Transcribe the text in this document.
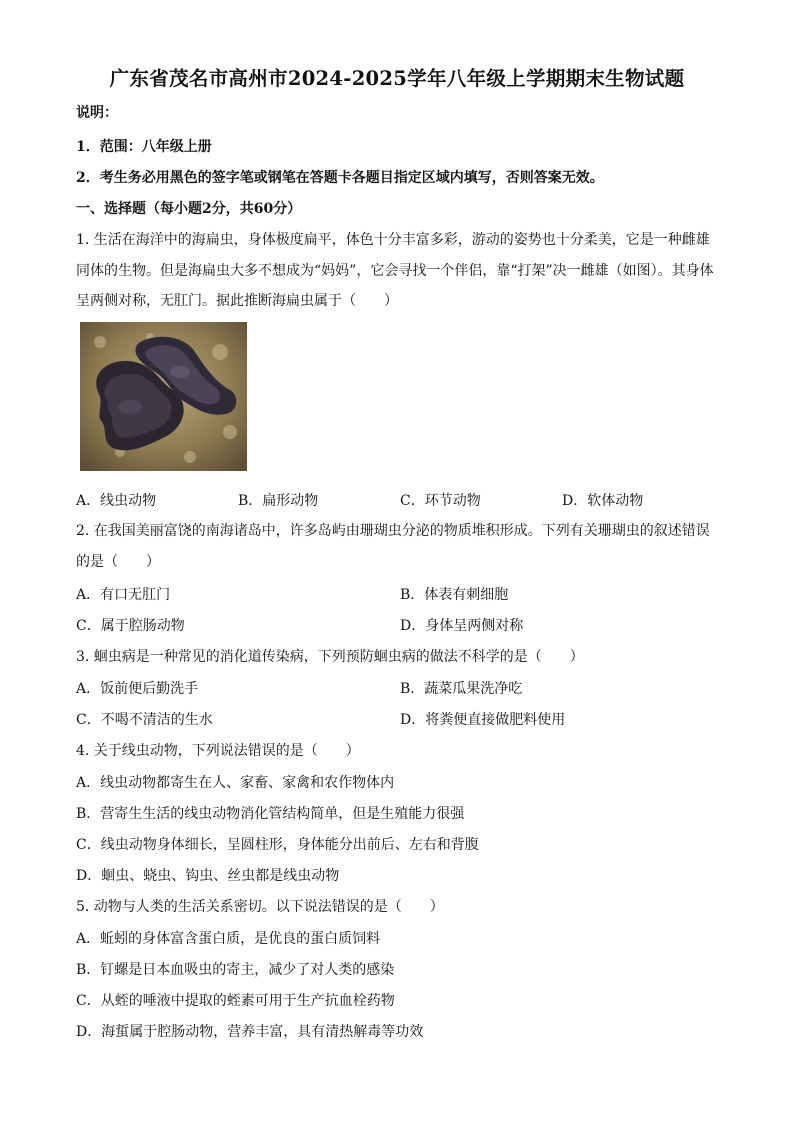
广东省茂名市高州市2024-2025学年八年级上学期期末生物试题
说明：
1．范围：八年级上册
2．考生务必用黑色的签字笔或钢笔在答题卡各题目指定区域内填写，否则答案无效。
一、选择题（每小题2分，共60分）
1. 生活在海洋中的海扁虫，身体极度扁平，体色十分丰富多彩，游动的姿势也十分柔美，它是一种雌雄同体的生物。但是海扁虫大多不想成为“妈妈”，它会寻找一个伴侣，靠“打架”决一雌雄（如图）。其身体呈两侧对称，无肛门。据此推断海扁虫属于（　　）
A．线虫动物	B．扁形动物	C．环节动物	D．软体动物
2. 在我国美丽富饶的南海诸岛中，许多岛屿由珊瑚虫分泌的物质堆积形成。下列有关珊瑚虫的叙述错误的是（　　）
A．有口无肛门	B．体表有刺细胞
C．属于腔肠动物	D．身体呈两侧对称
3. 蛔虫病是一种常见的消化道传染病，下列预防蛔虫病的做法不科学的是（　　）
A．饭前便后勤洗手	B．蔬菜瓜果洗净吃
C．不喝不清洁的生水	D．将粪便直接做肥料使用
4. 关于线虫动物，下列说法错误的是（　　）
A．线虫动物都寄生在人、家畜、家禽和农作物体内
B．营寄生生活的线虫动物消化管结构简单，但是生殖能力很强
C．线虫动物身体细长，呈圆柱形，身体能分出前后、左右和背腹
D．蛔虫、蛲虫、钩虫、丝虫都是线虫动物
5. 动物与人类的生活关系密切。以下说法错误的是（　　）
A．蚯蚓的身体富含蛋白质，是优良的蛋白质饲料
B．钉螺是日本血吸虫的寄主，减少了对人类的感染
C．从蛭的唾液中提取的蛭素可用于生产抗血栓药物
D．海蜇属于腔肠动物，营养丰富，具有清热解毒等功效
